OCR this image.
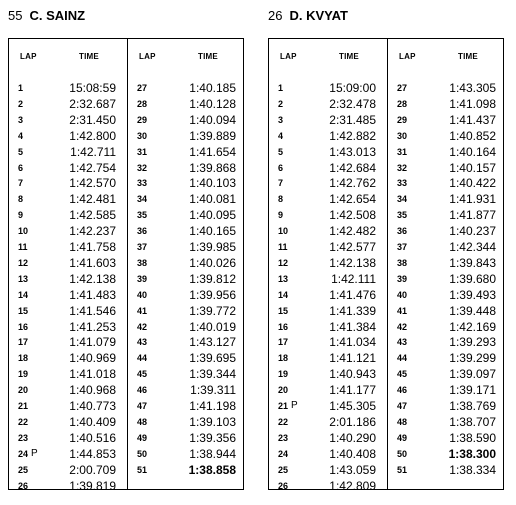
55 C. SAINZ
LAP	TIME	LAP	TIME
1	15:08:59
2	2:32.687
3	2:31.450
4	1:42.800
5	1:42.711
6	1:42.754
7	1:42.570
8	1:42.481
9	1:42.585
10	1:42.237
11	1:41.758
12	1:41.603
13	1:42.138
14	1:41.483
15	1:41.546
16	1:41.253
17	1:41.079
18	1:40.969
19	1:41.018
20	1:40.968
21	1:40.773
22	1:40.409
23	1:40.516
24 P	1:44.853
25	2:00.709
26	1:39.819
27	1:40.185
28	1:40.128
29	1:40.094
30	1:39.889
31	1:41.654
32	1:39.868
33	1:40.103
34	1:40.081
35	1:40.095
36	1:40.165
37	1:39.985
38	1:40.026
39	1:39.812
40	1:39.956
41	1:39.772
42	1:40.019
43	1:43.127
44	1:39.695
45	1:39.344
46	1:39.311
47	1:41.198
48	1:39.103
49	1:39.356
50	1:38.944
51	1:38.858
26 D. KVYAT
LAP	TIME	LAP	TIME
1	15:09:00
2	2:32.478
3	2:31.485
4	1:42.882
5	1:43.013
6	1:42.684
7	1:42.762
8	1:42.654
9	1:42.508
10	1:42.482
11	1:42.577
12	1:42.138
13	1:42.111
14	1:41.476
15	1:41.339
16	1:41.384
17	1:41.034
18	1:41.121
19	1:40.943
20	1:41.177
21 P	1:45.305
22	2:01.186
23	1:40.290
24	1:40.408
25	1:43.059
26	1:42.809
27	1:43.305
28	1:41.098
29	1:41.437
30	1:40.852
31	1:40.164
32	1:40.157
33	1:40.422
34	1:41.931
35	1:41.877
36	1:40.237
37	1:42.344
38	1:39.843
39	1:39.680
40	1:39.493
41	1:39.448
42	1:42.169
43	1:39.293
44	1:39.299
45	1:39.097
46	1:39.171
47	1:38.769
48	1:38.707
49	1:38.590
50	1:38.300
51	1:38.334
